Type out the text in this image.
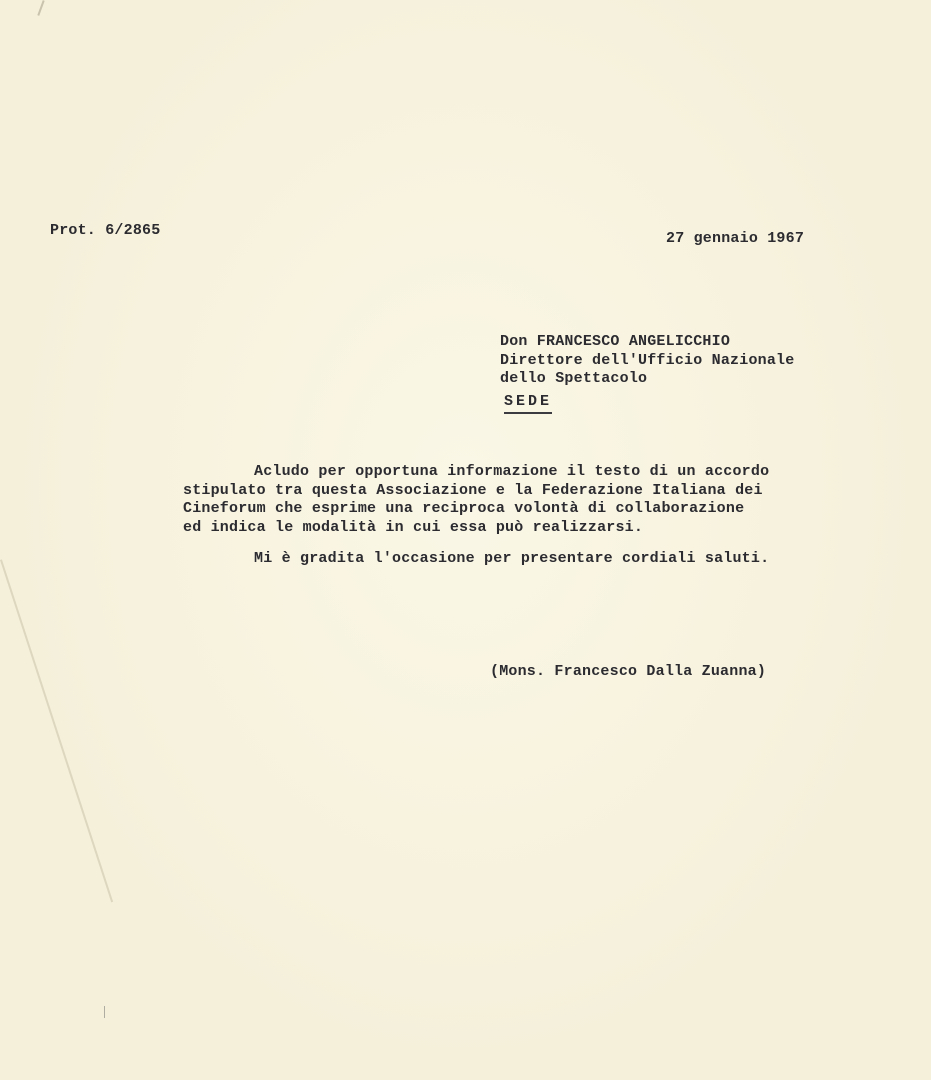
Prot. 6/2865	27 gennaio 1967
Don FRANCESCO ANGELICCHIO
Direttore dell'Ufficio Nazionale
dello Spettacolo
SEDE
Acludo per opportuna informazione il testo di un accordo
stipulato tra questa Associazione e la Federazione Italiana dei
Cineforum che esprime una reciproca volontà di collaborazione
ed indica le modalità in cui essa può realizzarsi.
Mi è gradita l'occasione per presentare cordiali saluti.
(Mons. Francesco Dalla Zuanna)
